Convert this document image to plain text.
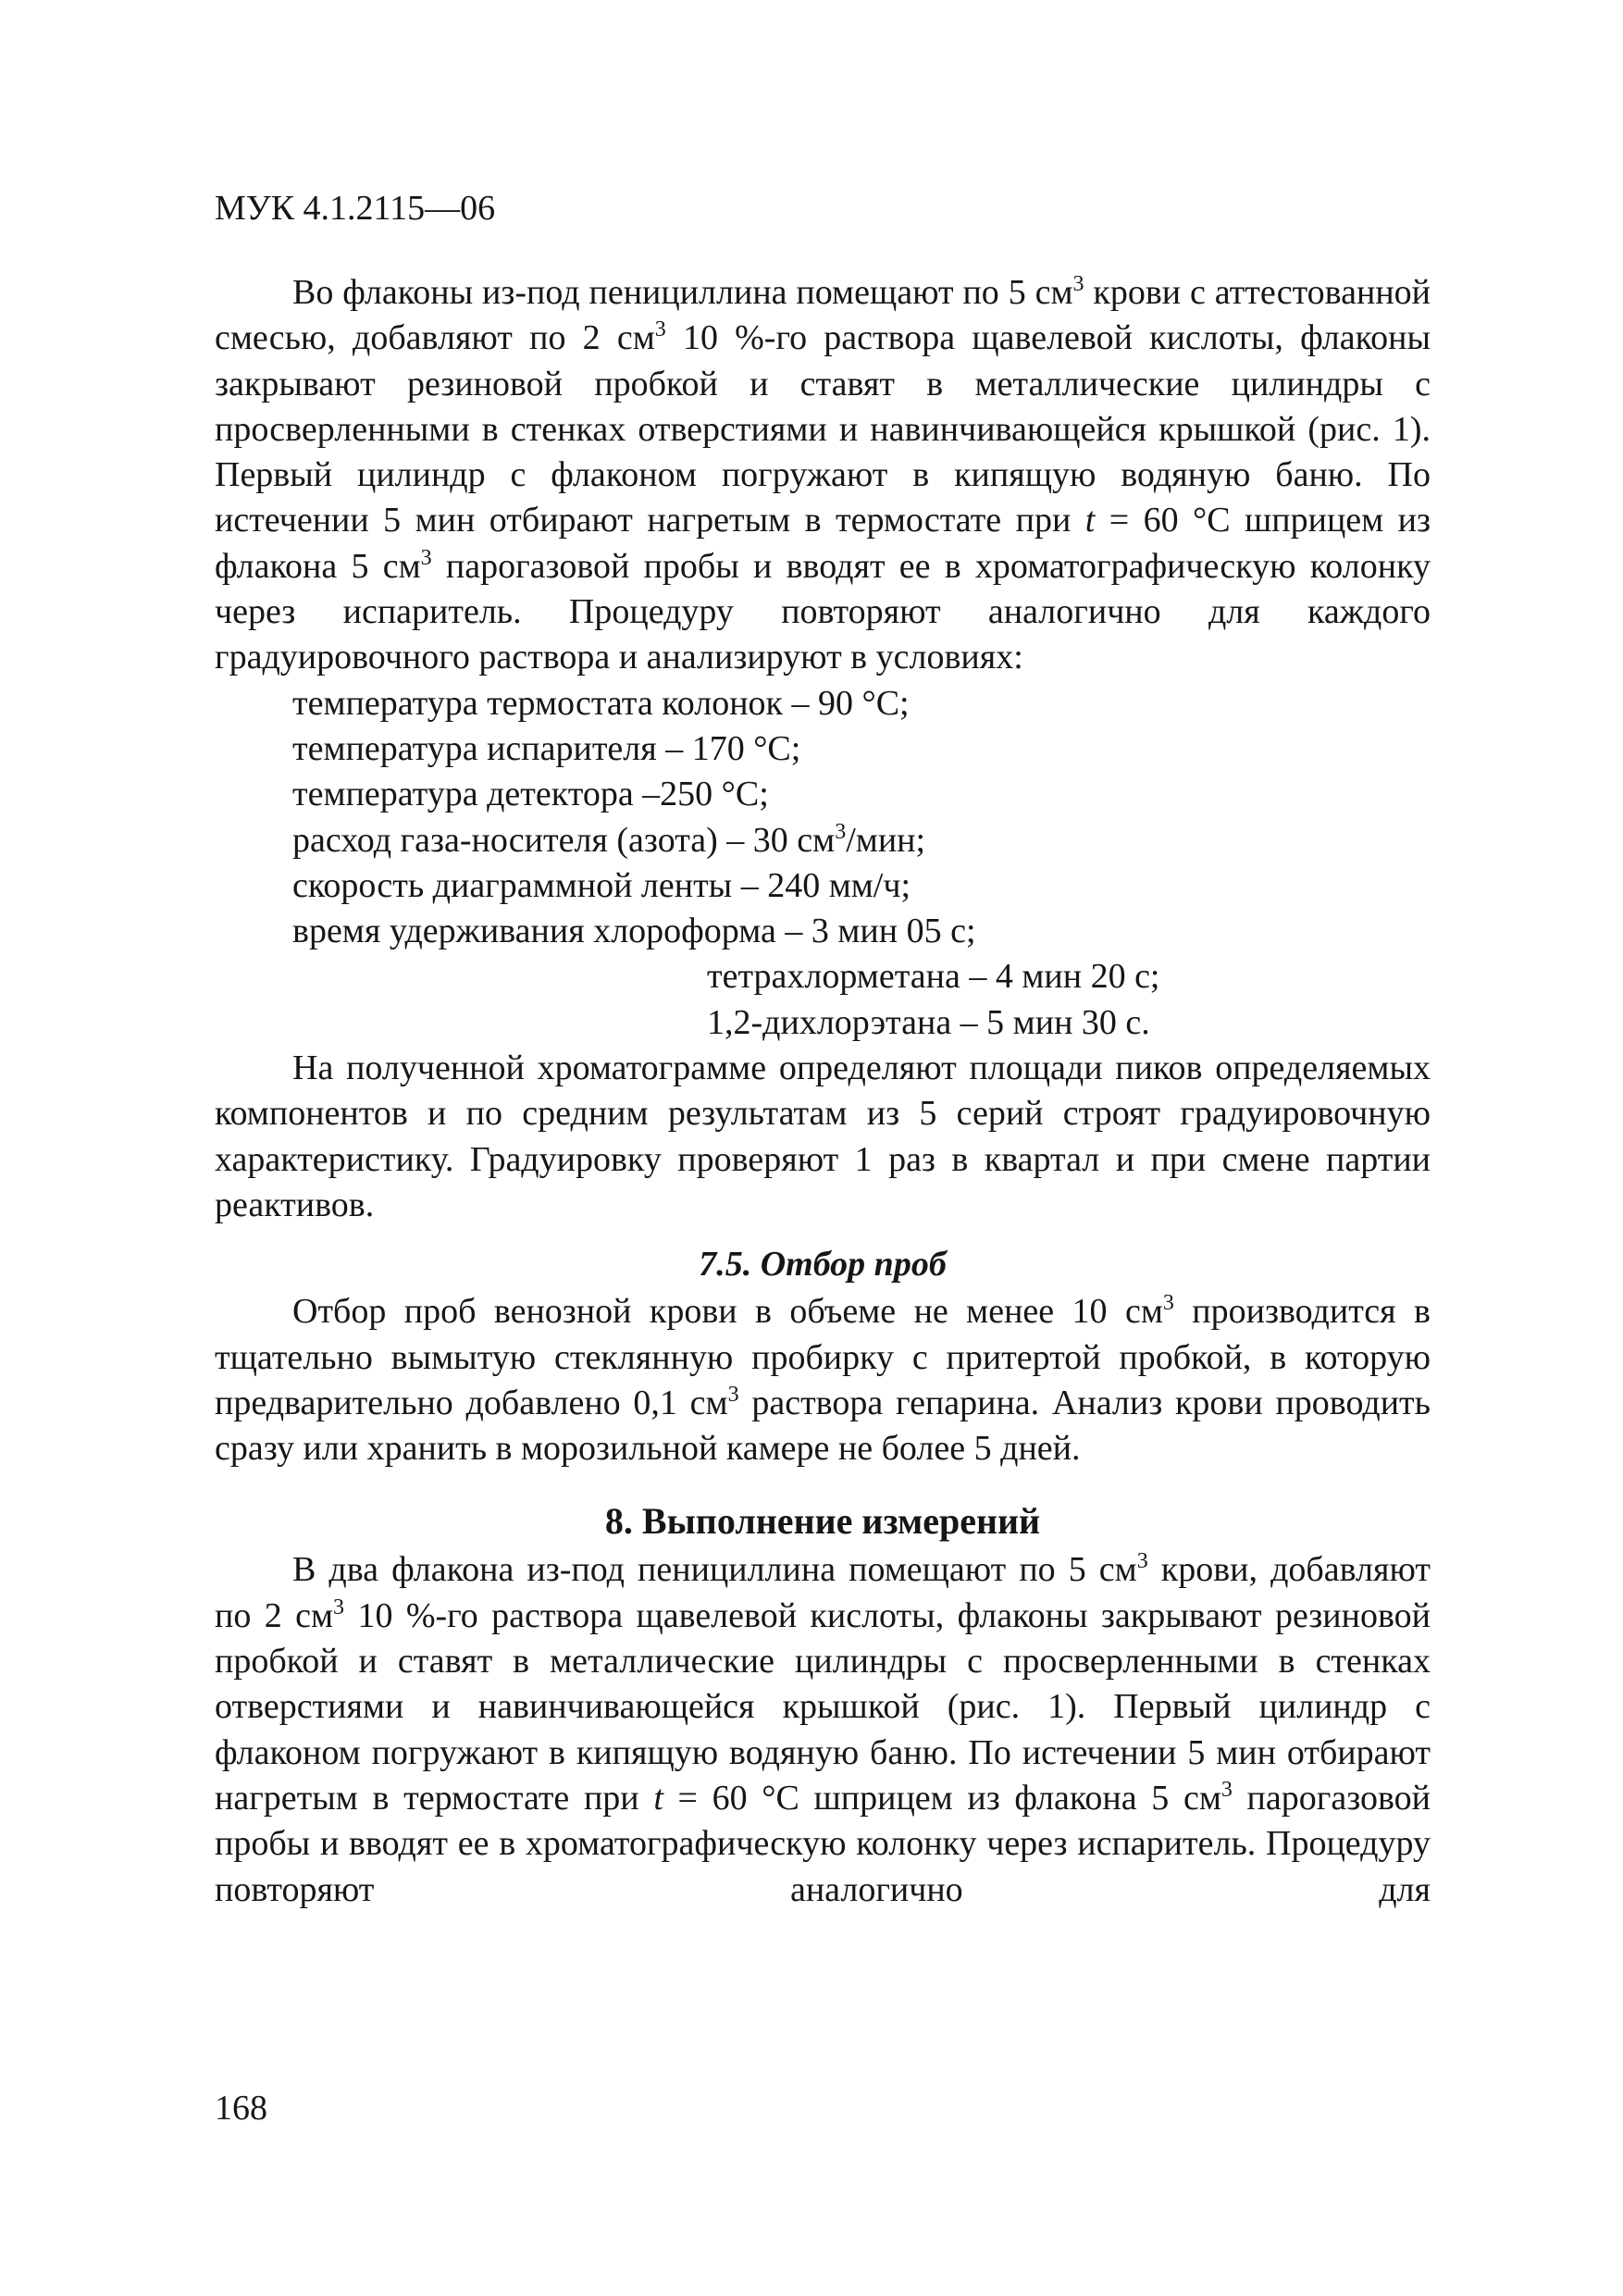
МУК 4.1.2115—06

Во флаконы из-под пенициллина помещают по 5 $см^3$ крови с аттестованной смесью, добавляют по 2 $см^3$ 10 %-го раствора щавелевой кислоты, флаконы закрывают резиновой пробкой и ставят в металлические цилиндры с просверленными в стенках отверстиями и навинчивающейся крышкой (рис. 1). Первый цилиндр с флаконом погружают в кипящую водяную баню. По истечении 5 мин отбирают нагретым в термостате при t = 60 °С шприцем из флакона 5 $см^3$ парогазовой пробы и вводят ее в хроматографическую колонку через испаритель. Процедуру повторяют аналогично для каждого градуировочного раствора и анализируют в условиях:

температура термостата колонок – 90 °С;
температура испарителя – 170 °С;
температура детектора –250 °С;
расход газа-носителя (азота) – 30 $см^3$/мин;
скорость диаграммной ленты – 240 мм/ч;
время удерживания хлороформа – 3 мин 05 с;
тетрахлорметана – 4 мин 20 с;
1,2-дихлорэтана – 5 мин 30 с.

На полученной хроматограмме определяют площади пиков определяемых компонентов и по средним результатам из 5 серий строят градуировочную характеристику. Градуировку проверяют 1 раз в квартал и при смене партии реактивов.

7.5. Отбор проб

Отбор проб венозной крови в объеме не менее 10 $см^3$ производится в тщательно вымытую стеклянную пробирку с притертой пробкой, в которую предварительно добавлено 0,1 $см^3$ раствора гепарина. Анализ крови проводить сразу или хранить в морозильной камере не более 5 дней.

8. Выполнение измерений

В два флакона из-под пенициллина помещают по 5 $см^3$ крови, добавляют по 2 $см^3$ 10 %-го раствора щавелевой кислоты, флаконы закрывают резиновой пробкой и ставят в металлические цилиндры с просверленными в стенках отверстиями и навинчивающейся крышкой (рис. 1). Первый цилиндр с флаконом погружают в кипящую водяную баню. По истечении 5 мин отбирают нагретым в термостате при t = 60 °С шприцем из флакона 5 $см^3$ парогазовой пробы и вводят ее в хроматографическую колонку через испаритель. Процедуру повторяют аналогично для

168
